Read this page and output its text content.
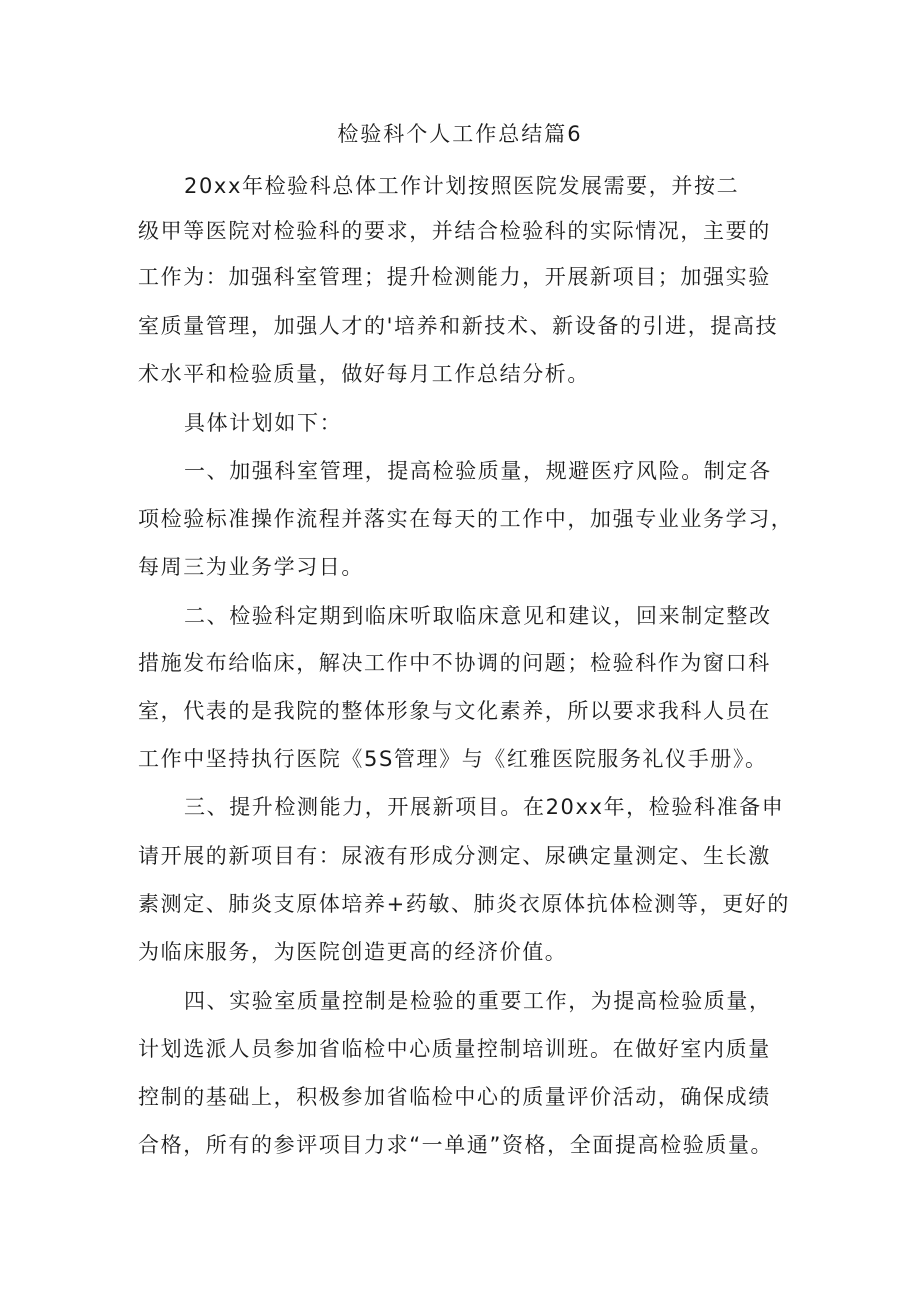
检验科个人工作总结篇6
20xx年检验科总体工作计划按照医院发展需要，并按二
级甲等医院对检验科的要求，并结合检验科的实际情况，主要的
工作为：加强科室管理；提升检测能力，开展新项目；加强实验
室质量管理，加强人才的'培养和新技术、新设备的引进，提高技
术水平和检验质量，做好每月工作总结分析。
具体计划如下：
一、加强科室管理，提高检验质量，规避医疗风险。制定各
项检验标准操作流程并落实在每天的工作中，加强专业业务学习，
每周三为业务学习日。
二、检验科定期到临床听取临床意见和建议，回来制定整改
措施发布给临床，解决工作中不协调的问题；检验科作为窗口科
室，代表的是我院的整体形象与文化素养，所以要求我科人员在
工作中坚持执行医院《5S管理》与《红雅医院服务礼仪手册》。
三、提升检测能力，开展新项目。在20xx年，检验科准备申
请开展的新项目有：尿液有形成分测定、尿碘定量测定、生长激
素测定、肺炎支原体培养+药敏、肺炎衣原体抗体检测等，更好的
为临床服务，为医院创造更高的经济价值。
四、实验室质量控制是检验的重要工作，为提高检验质量，
计划选派人员参加省临检中心质量控制培训班。在做好室内质量
控制的基础上，积极参加省临检中心的质量评价活动，确保成绩
合格，所有的参评项目力求“一单通”资格，全面提高检验质量。
